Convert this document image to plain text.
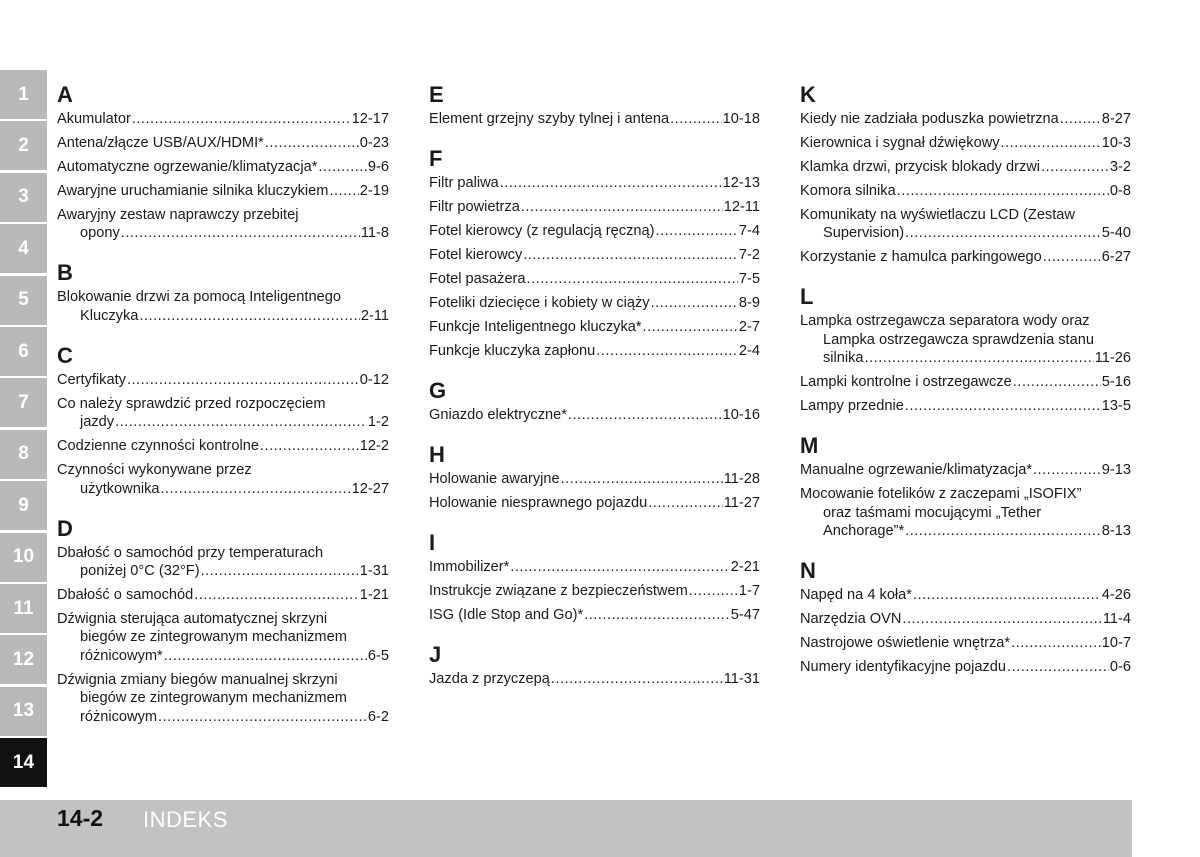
1
2
3
4
5
6
7
8
9
10
11
12
13
14
A
Akumulator .....	12-17
Antena/złącze USB/AUX/HDMI* .....	0-23
Automatyczne ogrzewanie/klimatyzacja* .....	9-6
Awaryjne uruchamianie silnika kluczykiem ..... 2-19
Awaryjny zestaw naprawczy przebitej
opony .....	11-8
B
Blokowanie drzwi za pomocą Inteligentnego
Kluczyka .....	2-11
C
Certyfikaty .....	0-12
Co należy sprawdzić przed rozpoczęciem
jazdy .....	1-2
Codzienne czynności kontrolne .....	12-2
Czynności wykonywane przez
użytkownika .....	12-27
D
Dbałość o samochód przy temperaturach
poniżej 0°C (32°F) .....	1-31
Dbałość o samochód .....	1-21
Dźwignia sterująca automatycznej skrzyni
biegów ze zintegrowanym mechanizmem
różnicowym* .....	6-5
Dźwignia zmiany biegów manualnej skrzyni
biegów ze zintegrowanym mechanizmem
różnicowym .....	6-2
E
Element grzejny szyby tylnej i antena .....	10-18
F
Filtr paliwa .....	12-13
Filtr powietrza .....	12-11
Fotel kierowcy (z regulacją ręczną) .....	7-4
Fotel kierowcy .....	7-2
Fotel pasażera .....	7-5
Foteliki dziecięce i kobiety w ciąży .....	8-9
Funkcje Inteligentnego kluczyka* .....	2-7
Funkcje kluczyka zapłonu .....	2-4
G
Gniazdo elektryczne* .....	10-16
H
Holowanie awaryjne .....	11-28
Holowanie niesprawnego pojazdu .....	11-27
I
Immobilizer* .....	2-21
Instrukcje związane z bezpieczeństwem .....	1-7
ISG (Idle Stop and Go)* .....	5-47
J
Jazda z przyczepą .....	11-31
K
Kiedy nie zadziała poduszka powietrzna .....	8-27
Kierownica i sygnał dźwiękowy .....	10-3
Klamka drzwi, przycisk blokady drzwi .....	3-2
Komora silnika .....	0-8
Komunikaty na wyświetlaczu LCD (Zestaw
Supervision) .....	5-40
Korzystanie z hamulca parkingowego .....	6-27
L
Lampka ostrzegawcza separatora wody oraz
Lampka ostrzegawcza sprawdzenia stanu
silnika .....	11-26
Lampki kontrolne i ostrzegawcze .....	5-16
Lampy przednie .....	13-5
M
Manualne ogrzewanie/klimatyzacja* .....	9-13
Mocowanie fotelików z zaczepami „ISOFIX”
oraz taśmami mocującymi „Tether
Anchorage”* .....	8-13
N
Napęd na 4 koła* .....	4-26
Narzędzia OVN .....	11-4
Nastrojowe oświetlenie wnętrza* .....	10-7
Numery identyfikacyjne pojazdu .....	0-6
14-2 INDEKS
